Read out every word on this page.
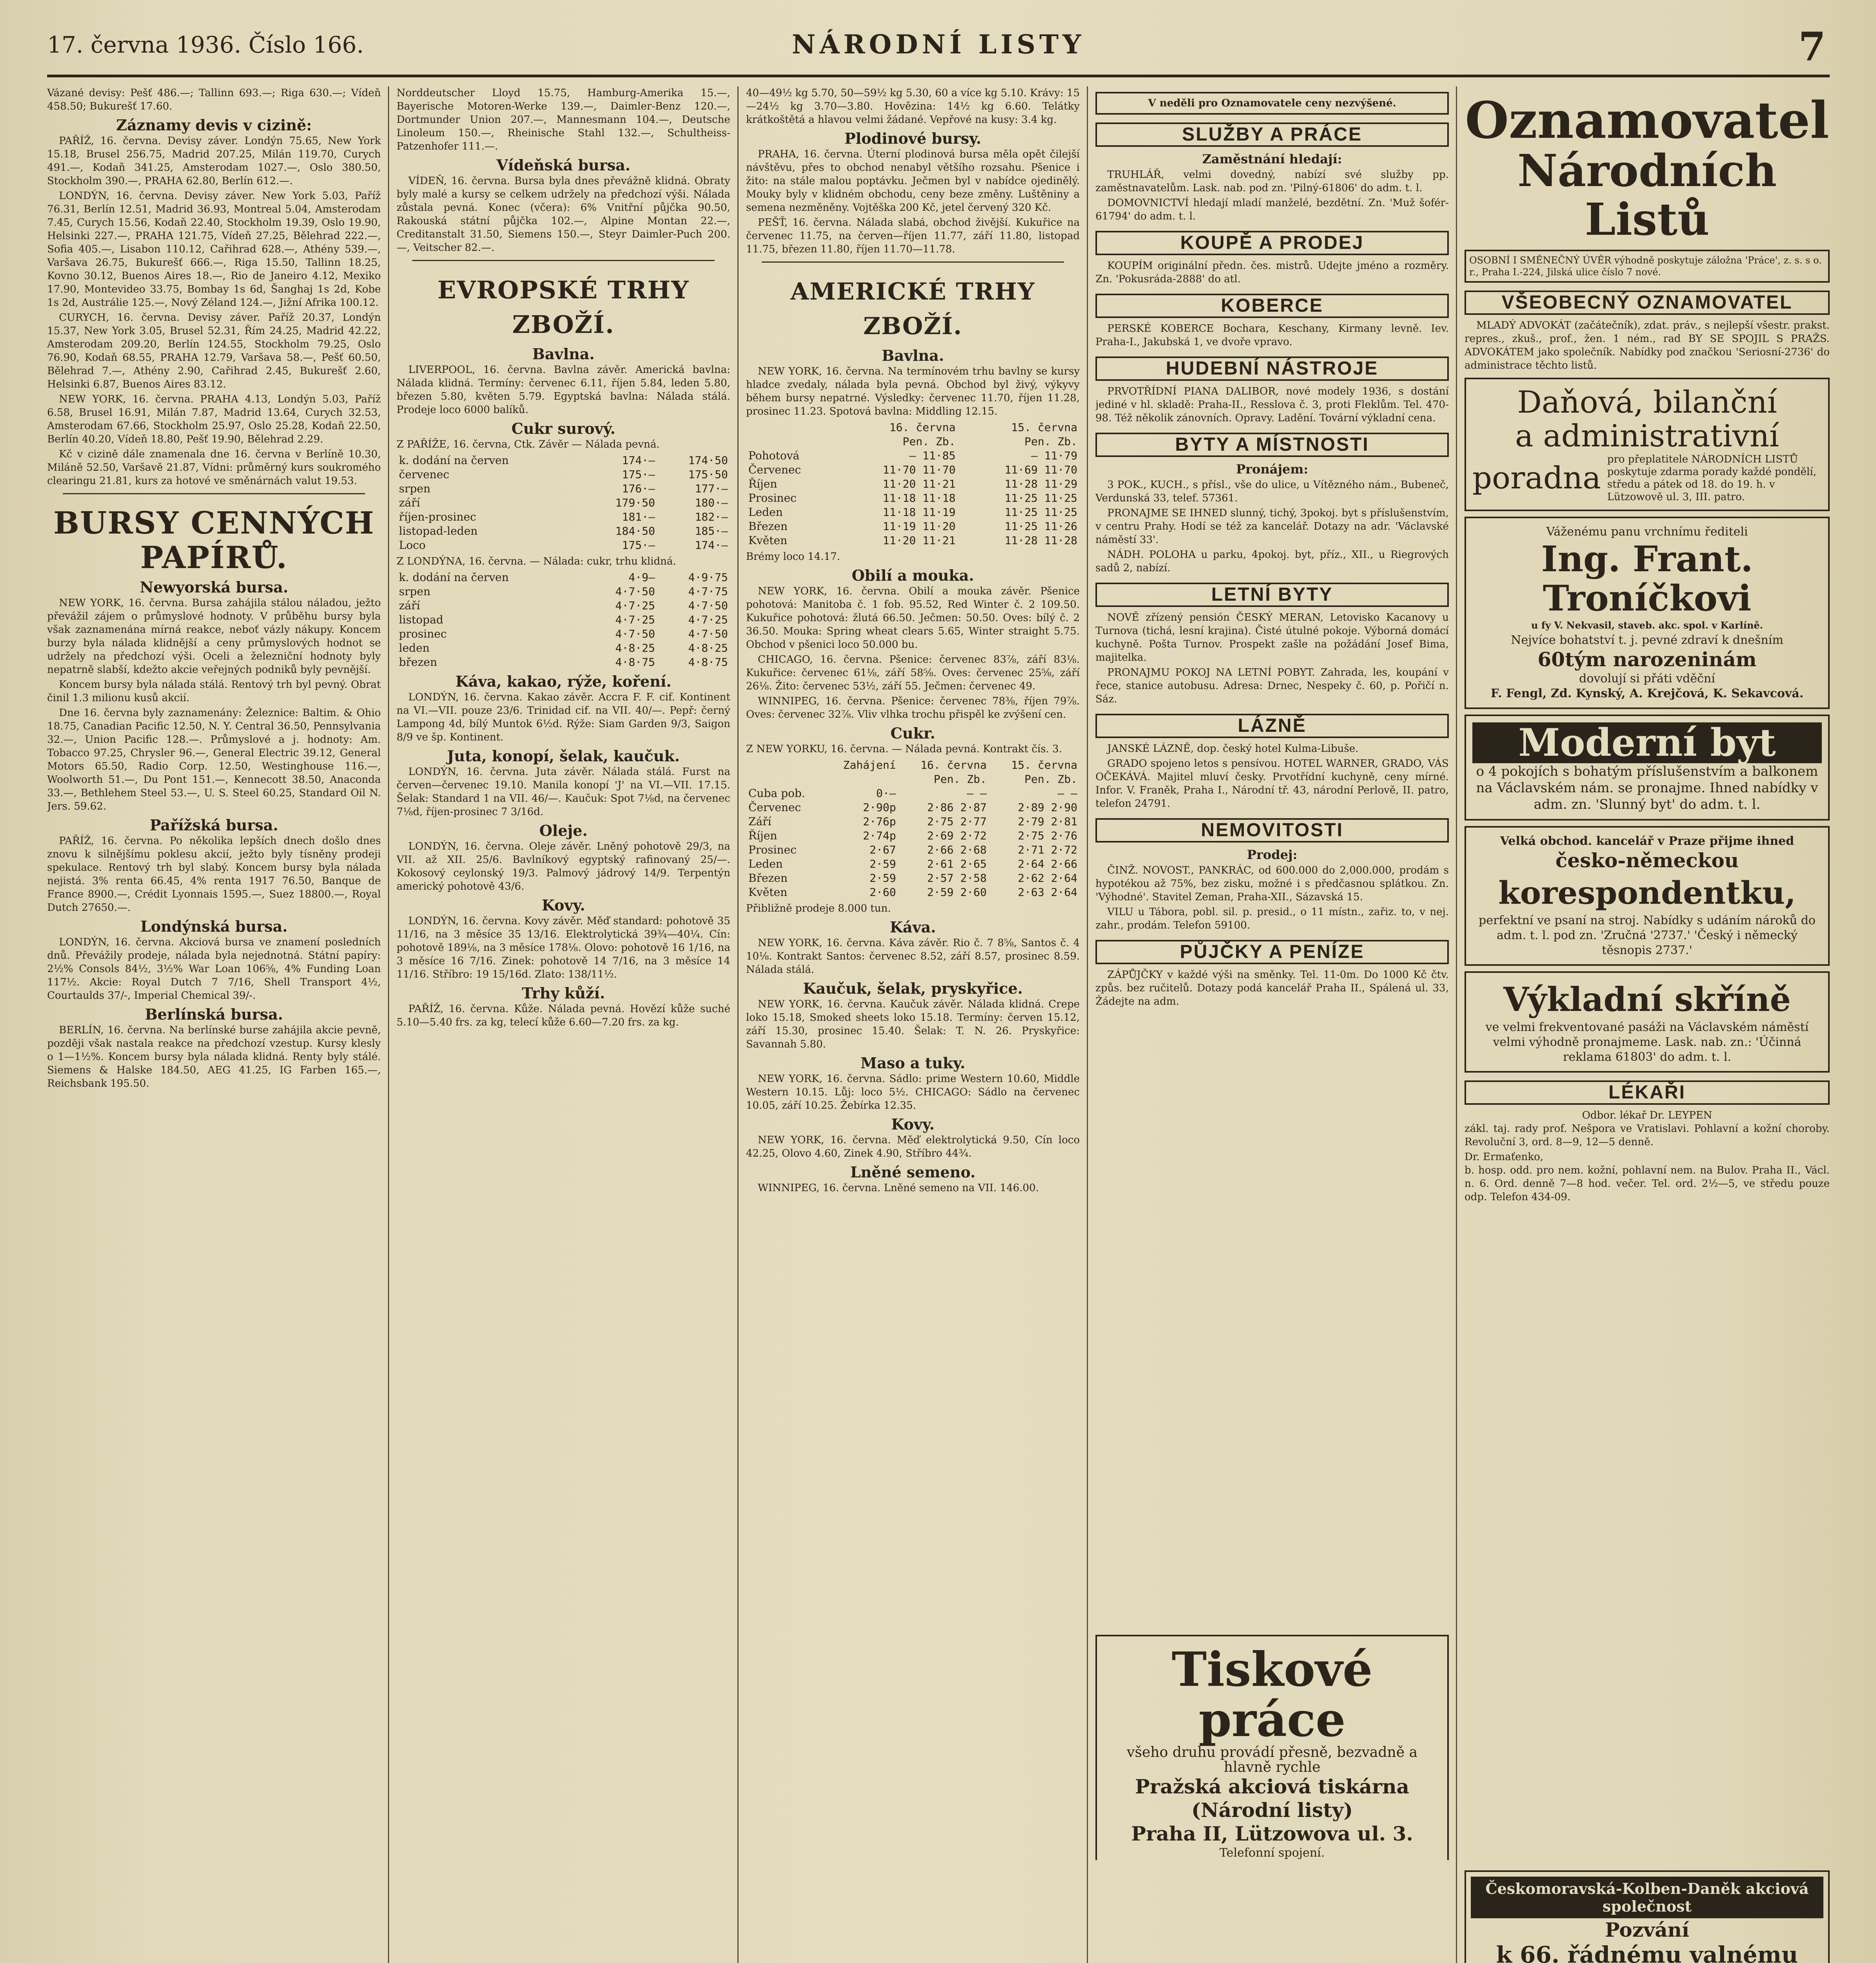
17. června 1936. Číslo 166.	NÁRODNÍ LISTY	7

Vázané devisy: Pešť 486.—; Tallinn 693.—; Riga 630.—; Vídeň 458.50; Bukurešť 17.60.

Záznamy devis v cizině:

PAŘÍŽ, 16. června. Devisy záver. Londýn 75.65, New York 15.18, Brusel 256.75, Madrid 207.25, Milán 119.70, Curych 491.—, Kodaň 341.25, Amsterodam 1027.—, Oslo 380.50, Stockholm 390.—, PRAHA 62.80, Berlín 612.—.

LONDÝN, 16. června. Devisy záver. New York 5.03, Paříž 76.31, Berlín 12.51, Madrid 36.93, Montreal 5.04, Amsterodam 7.45, Curych 15.56, Kodaň 22.40, Stockholm 19.39, Oslo 19.90, Helsinki 227.—, PRAHA 121.75, Vídeň 27.25, Bělehrad 222.—, Sofia 405.—, Lisabon 110.12, Cařihrad 628.—, Athény 539.—, Varšava 26.75, Bukurešť 666.—, Riga 15.50, Tallinn 18.25, Kovno 30.12, Buenos Aires 18.—, Rio de Janeiro 4.12, Mexiko 17.90, Montevideo 33.75, Bombay 1s 6d, Šanghaj 1s 2d, Kobe 1s 2d, Austrálie 125.—, Nový Zéland 124.—, Jižní Afrika 100.12.

CURYCH, 16. června. Devisy záver. Paříž 20.37, Londýn 15.37, New York 3.05, Brusel 52.31, Řím 24.25, Madrid 42.22, Amsterodam 209.20, Berlín 124.55, Stockholm 79.25, Oslo 76.90, Kodaň 68.55, PRAHA 12.79, Varšava 58.—, Pešť 60.50, Bělehrad 7.—, Athény 2.90, Cařihrad 2.45, Bukurešť 2.60, Helsinki 6.87, Buenos Aires 83.12.

NEW YORK, 16. června. PRAHA 4.13, Londýn 5.03, Paříž 6.58, Brusel 16.91, Milán 7.87, Madrid 13.64, Curych 32.53, Amsterodam 67.66, Stockholm 25.97, Oslo 25.28, Kodaň 22.50, Berlín 40.20, Vídeň 18.80, Pešť 19.90, Bělehrad 2.29.

Kč v cizině dále znamenala dne 16. června v Berlíně 10.30, Miláně 52.50, Varšavě 21.87, Vídni: průměrný kurs soukromého clearingu 21.81, kurs za hotové ve směnárnách valut 19.53.

BURSY CENNÝCH PAPÍRŮ.
Newyorská bursa.

NEW YORK, 16. června. Bursa zahájila stálou náladou, ježto převážil zájem o průmyslové hodnoty. V průběhu bursy byla však zaznamenána mírná reakce, neboť vázly nákupy. Koncem burzy byla nálada klidnější a ceny průmyslových hodnot se udržely na předchozí výši. Oceli a železniční hodnoty byly nepatrně slabší, kdežto akcie veřejných podniků byly pevnější.

Koncem bursy byla nálada stálá. Rentový trh byl pevný. Obrat činil 1.3 milionu kusů akcií.

Dne 16. června byly zaznamenány: Železnice: Baltim. & Ohio 18.75, Canadian Pacific 12.50, N. Y. Central 36.50, Pennsylvania 32.—, Union Pacific 128.—. Průmyslové a j. hodnoty: Am. Tobacco 97.25, Chrysler 96.—, General Electric 39.12, General Motors 65.50, Radio Corp. 12.50, Westinghouse 116.—, Woolworth 51.—, Du Pont 151.—, Kennecott 38.50, Anaconda 33.—, Bethlehem Steel 53.—, U. S. Steel 60.25, Standard Oil N. Jers. 59.62.

Pařížská bursa.

PAŘÍŽ, 16. června. Po několika lepších dnech došlo dnes znovu k silnějšímu poklesu akcií, ježto byly tísněny prodeji spekulace. Rentový trh byl slabý. Koncem bursy byla nálada nejistá. 3% renta 66.45, 4% renta 1917 76.50, Banque de France 8900.—, Crédit Lyonnais 1595.—, Suez 18800.—, Royal Dutch 27650.—.

Londýnská bursa.

LONDÝN, 16. června. Akciová bursa ve znamení posledních dnů. Převážily prodeje, nálada byla nejednotná. Státní papíry: 2½% Consols 84½, 3½% War Loan 106⅝, 4% Funding Loan 117½. Akcie: Royal Dutch 7 7/16, Shell Transport 4½, Courtaulds 37/-, Imperial Chemical 39/-.

Berlínská bursa.

BERLÍN, 16. června. Na berlínské burse zahájila akcie pevně, později však nastala reakce na předchozí vzestup. Kursy klesly o 1—1½%. Koncem bursy byla nálada klidná. Renty byly stálé. Siemens & Halske 184.50, AEG 41.25, IG Farben 165.—, Reichsbank 195.50.

Norddeutscher Lloyd 15.75, Hamburg-Amerika 15.—, Bayerische Motoren-Werke 139.—, Daimler-Benz 120.—, Dortmunder Union 207.—, Mannesmann 104.—, Deutsche Linoleum 150.—, Rheinische Stahl 132.—, Schultheiss-Patzenhofer 111.—.

Vídeňská bursa.

VÍDEŇ, 16. června. Bursa byla dnes převážně klidná. Obraty byly malé a kursy se celkem udržely na předchozí výši. Nálada zůstala pevná. Konec (včera): 6% Vnitřní půjčka 90.50, Rakouská státní půjčka 102.—, Alpine Montan 22.—, Creditanstalt 31.50, Siemens 150.—, Steyr Daimler-Puch 200.—, Veitscher 82.—.

EVROPSKÉ TRHY ZBOŽÍ.
Bavlna.

LIVERPOOL, 16. června. Bavlna závěr. Americká bavlna: Nálada klidná. Termíny: červenec 6.11, říjen 5.84, leden 5.80, březen 5.80, květen 5.79. Egyptská bavlna: Nálada stálá. Prodeje loco 6000 balíků.

Cukr surový.

Z PAŘÍŽE, 16. června, Ctk. Závěr — Nálada pevná.

k. dodání na červen	174·—	174·50
červenec	175·—	175·50
srpen	176·—	177·—
září	179·50	180·—
říjen-prosinec	181·—	182·—
listopad-leden	184·50	185·—
Loco	175·—	174·—

Z LONDÝNA, 16. června. — Nálada: cukr, trhu klidná.

k. dodání na červen	4·9—	4·9·75
srpen	4·7·50	4·7·75
září	4·7·25	4·7·50
listopad	4·7·25	4·7·25
prosinec	4·7·50	4·7·50
leden	4·8·25	4·8·25
březen	4·8·75	4·8·75
Káva, kakao, rýže, koření.

LONDÝN, 16. června. Kakao závěr. Accra F. F. cif. Kontinent na VI.—VII. pouze 23/6. Trinidad cif. na VII. 40/—. Pepř: černý Lampong 4d, bílý Muntok 6½d. Rýže: Siam Garden 9/3, Saigon 8/9 ve šp. Kontinent.

Juta, konopí, šelak, kaučuk.

LONDÝN, 16. června. Juta závěr. Nálada stálá. Furst na červen—červenec 19.10. Manila konopí 'J' na VI.—VII. 17.15. Šelak: Standard 1 na VII. 46/—. Kaučuk: Spot 7⅛d, na červenec 7⅛d, říjen-prosinec 7 3/16d.

Oleje.

LONDÝN, 16. června. Oleje závěr. Lněný pohotově 29/3, na VII. až XII. 25/6. Bavlníkový egyptský rafinovaný 25/—. Kokosový ceylonský 19/3. Palmový jádrový 14/9. Terpentýn americký pohotově 43/6.

Kovy.

LONDÝN, 16. června. Kovy závěr. Měď standard: pohotově 35 11/16, na 3 měsíce 35 13/16. Elektrolytická 39¾—40¼. Cín: pohotově 189⅛, na 3 měsíce 178⅛. Olovo: pohotově 16 1/16, na 3 měsíce 16 7/16. Zinek: pohotově 14 7/16, na 3 měsíce 14 11/16. Stříbro: 19 15/16d. Zlato: 138/11½.

Trhy kůží.

PAŘÍŽ, 16. června. Kůže. Nálada pevná. Hovězí kůže suché 5.10—5.40 frs. za kg, telecí kůže 6.60—7.20 frs. za kg.

40—49½ kg 5.70, 50—59½ kg 5.30, 60 a více kg 5.10. Krávy: 15—24½ kg 3.70—3.80. Hovězina: 14½ kg 6.60. Telátky krátkoštětá a hlavou velmi žádané. Vepřové na kusy: 3.4 kg.

Plodinové bursy.

PRAHA, 16. června. Úterní plodinová bursa měla opět čilejší návštěvu, přes to obchod nenabyl většího rozsahu. Pšenice i žito: na stále malou poptávku. Ječmen byl v nabídce ojedinělý. Mouky byly v klidném obchodu, ceny beze změny. Luštěniny a semena nezměněny. Vojtěška 200 Kč, jetel červený 320 Kč.

PEŠŤ, 16. června. Nálada slabá, obchod živější. Kukuřice na červenec 11.75, na červen—říjen 11.77, září 11.80, listopad 11.75, březen 11.80, říjen 11.70—11.78.

AMERICKÉ TRHY ZBOŽÍ.
Bavlna.

NEW YORK, 16. června. Na termínovém trhu bavlny se kursy hladce zvedaly, nálada byla pevná. Obchod byl živý, výkyvy během bursy nepatrné. Výsledky: červenec 11.70, říjen 11.28, prosinec 11.23. Spotová bavlna: Middling 12.15.

	16. června	15. června
	Pen. Zb.	Pen. Zb.
Pohotová	— 11·85	— 11·79
Červenec	11·70 11·70	11·69 11·70
Říjen	11·20 11·21	11·28 11·29
Prosinec	11·18 11·18	11·25 11·25
Leden	11·18 11·19	11·25 11·25
Březen	11·19 11·20	11·25 11·26
Květen	11·20 11·21	11·28 11·28

Brémy loco 14.17.

Obilí a mouka.

NEW YORK, 16. června. Obilí a mouka závěr. Pšenice pohotová: Manitoba č. 1 fob. 95.52, Red Winter č. 2 109.50. Kukuřice pohotová: žlutá 66.50. Ječmen: 50.50. Oves: bílý č. 2 36.50. Mouka: Spring wheat clears 5.65, Winter straight 5.75. Obchod v pšenici loco 50.000 bu.

CHICAGO, 16. června. Pšenice: červenec 83⅞, září 83⅛. Kukuřice: červenec 61⅛, září 58⅝. Oves: červenec 25⅝, září 26⅛. Žito: červenec 53½, září 55. Ječmen: červenec 49.

WINNIPEG, 16. června. Pšenice: červenec 78⅜, říjen 79⅞. Oves: červenec 32⅞. Vliv vlhka trochu přispěl ke zvýšení cen.

Cukr.

Z NEW YORKU, 16. června. — Nálada pevná. Kontrakt čís. 3.

	Zahájení	16. června	15. června
		Pen. Zb.	Pen. Zb.
Cuba pob.	0·—	— —	— —
Červenec	2·90p	2·86 2·87	2·89 2·90
Září	2·76p	2·75 2·77	2·79 2·81
Říjen	2·74p	2·69 2·72	2·75 2·76
Prosinec	2·67	2·66 2·68	2·71 2·72
Leden	2·59	2·61 2·65	2·64 2·66
Březen	2·59	2·57 2·58	2·62 2·64
Květen	2·60	2·59 2·60	2·63 2·64

Přibližně prodeje 8.000 tun.

Káva.

NEW YORK, 16. června. Káva závěr. Rio č. 7 8⅝, Santos č. 4 10⅛. Kontrakt Santos: červenec 8.52, září 8.57, prosinec 8.59. Nálada stálá.

Kaučuk, šelak, pryskyřice.

NEW YORK, 16. června. Kaučuk závěr. Nálada klidná. Crepe loko 15.18, Smoked sheets loko 15.18. Termíny: červen 15.12, září 15.30, prosinec 15.40. Šelak: T. N. 26. Pryskyřice: Savannah 5.80.

Maso a tuky.

NEW YORK, 16. června. Sádlo: prime Western 10.60, Middle Western 10.15. Lůj: loco 5½. CHICAGO: Sádlo na červenec 10.05, září 10.25. Žebírka 12.35.

Kovy.

NEW YORK, 16. června. Měď elektrolytická 9.50, Cín loco 42.25, Olovo 4.60, Zinek 4.90, Stříbro 44¾.

Lněné semeno.

WINNIPEG, 16. června. Lněné semeno na VII. 146.00.

V neděli pro Oznamovatele ceny nezvýšené.
SLUŽBY A PRÁCE
Zaměstnání hledají:

TRUHLÁŘ, velmi dovedný, nabízí své služby pp. zaměstnavatelům. Lask. nab. pod zn. 'Pilný-61806' do adm. t. l.

DOMOVNICTVÍ hledají mladí manželé, bezdětní. Zn. 'Muž šofér-61794' do adm. t. l.

KOUPĚ A PRODEJ

KOUPÍM originální předn. čes. mistrů. Udejte jméno a rozměry. Zn. 'Pokusráda-2888' do atl.

KOBERCE

PERSKÉ KOBERCE Bochara, Keschany, Kirmany levně. Iev. Praha-I., Jakubská 1, ve dvoře vpravo.

HUDEBNÍ NÁSTROJE

PRVOTŘÍDNÍ PIANA DALIBOR, nové modely 1936, s dostání jediné v hl. skladě: Praha-II., Resslova č. 3, proti Fleklům. Tel. 470-98. Též několik zánovních. Opravy. Ladění. Tovární výkladní cena.

BYTY A MÍSTNOSTI
Pronájem:

3 POK., KUCH., s přísl., vše do ulice, u Vítězného nám., Bubeneč, Verdunská 33, telef. 57361.

PRONAJME SE IHNED slunný, tichý, 3pokoj. byt s příslušenstvím, v centru Prahy. Hodí se též za kancelář. Dotazy na adr. 'Václavské náměstí 33'.

NÁDH. POLOHA u parku, 4pokoj. byt, příz., XII., u Riegrových sadů 2, nabízí.

LETNÍ BYTY

NOVĚ zřízený pensión ČESKÝ MERAN, Letovisko Kacanovy u Turnova (tichá, lesní krajina). Čisté útulné pokoje. Výborná domácí kuchyně. Pošta Turnov. Prospekt zašle na požádání Josef Bima, majitelka.

PRONAJMU POKOJ NA LETNÍ POBYT. Zahrada, les, koupání v řece, stanice autobusu. Adresa: Drnec, Nespeky č. 60, p. Pořičí n. Sáz.

LÁZNĚ

JANSKÉ LÁZNĚ, dop. český hotel Kulma-Libuše.

GRADO spojeno letos s pensívou. HOTEL WARNER, GRADO, VÁS OČEKÁVÁ. Majitel mluví česky. Prvotřídní kuchyně, ceny mírné. Infor. V. Franěk, Praha I., Národní tř. 43, národní Perlově, II. patro, telefon 24791.

NEMOVITOSTI
Prodej:

ČINŽ. NOVOST., PANKRÁC, od 600.000 do 2,000.000, prodám s hypotékou až 75%, bez zisku, možné i s předčasnou splátkou. Zn. 'Výhodné'. Stavitel Zeman, Praha-XII., Sázavská 15.

VILU u Tábora, pobl. sil. p. presid., o 11 místn., zařiz. to, v nej. zahr., prodám. Telefon 59100.

PŮJČKY A PENÍZE

ZÁPŮJČKY v každé výši na směnky. Tel. 11-0m. Do 1000 Kč čtv. způs. bez ručitelů. Dotazy podá kancelář Praha II., Spálená ul. 33, Žádejte na adm.

Tiskové
práce
všeho druhu provádí přesně, bezvadně a hlavně rychle
Pražská akciová tiskárna (Národní listy)
Praha II, Lützowova ul. 3.
Telefonní spojení.
Oznamovatel
Národních Listů
OSOBNÍ I SMĚNEČNÝ ÚVĚR výhodně poskytuje záložna 'Práce', z. s. s o. r., Praha I.-224, Jilská ulice číslo 7 nové.
VŠEOBECNÝ OZNAMOVATEL

MLADÝ ADVOKÁT (začátečník), zdat. práv., s nejlepší všestr. prakst. repres., zkuš., prof., žen. 1 ném., rad BY SE SPOJIL S PRAŽS. ADVOKÁTEM jako společník. Nabídky pod značkou 'Seriosní-2736' do administrace těchto listů.

Daňová, bilanční
a administrativní
poradna
pro přeplatitele NÁRODNÍCH LISTŮ poskytuje zdarma porady každé pondělí, středu a pátek od 18. do 19. h. v Lützowově ul. 3, III. patro.
Váženému panu vrchnímu řediteli
Ing. Frant. Troníčkovi
u fy V. Nekvasil, staveb. akc. spol. v Karlíně.
Nejvíce bohatství t. j. pevné zdraví k dnešním
60tým narozeninám
dovolují si přáti vděční
F. Fengl, Zd. Kynský, A. Krejčová, K. Sekavcová.
Moderní byt
o 4 pokojích s bohatým příslušenstvím a balkonem na Václavském nám. se pronajme. Ihned nabídky v adm. zn. 'Slunný byt' do adm. t. l.
Velká obchod. kancelář v Praze přijme ihned
česko-německou
korespondentku,
perfektní ve psaní na stroj. Nabídky s udáním nároků do adm. t. l. pod zn. 'Zručná '2737.' 'Český i německý těsnopis 2737.'
Výkladní skříně
ve velmi frekventované pasáži na Václavském náměstí velmi výhodně pronajmeme. Lask. nab. zn.: 'Účinná reklama 61803' do adm. t. l.
LÉKAŘI
Odbor. lékař Dr. LEYPEN

zákl. taj. rady prof. Nešpora ve Vratislavi. Pohlavní a kožní choroby. Revoluční 3, ord. 8—9, 12—5 denně.

Dr. Ermaťenko,

b. hosp. odd. pro nem. kožní, pohlavní nem. na Bulov. Praha II., Václ. n. 6. Ord. denně 7—8 hod. večer. Tel. ord. 2½—5, ve středu pouze odp. Telefon 434-09.

Českomoravská-Kolben-Daněk akciová společnost
Pozvání
k 66. řádnému valnému
